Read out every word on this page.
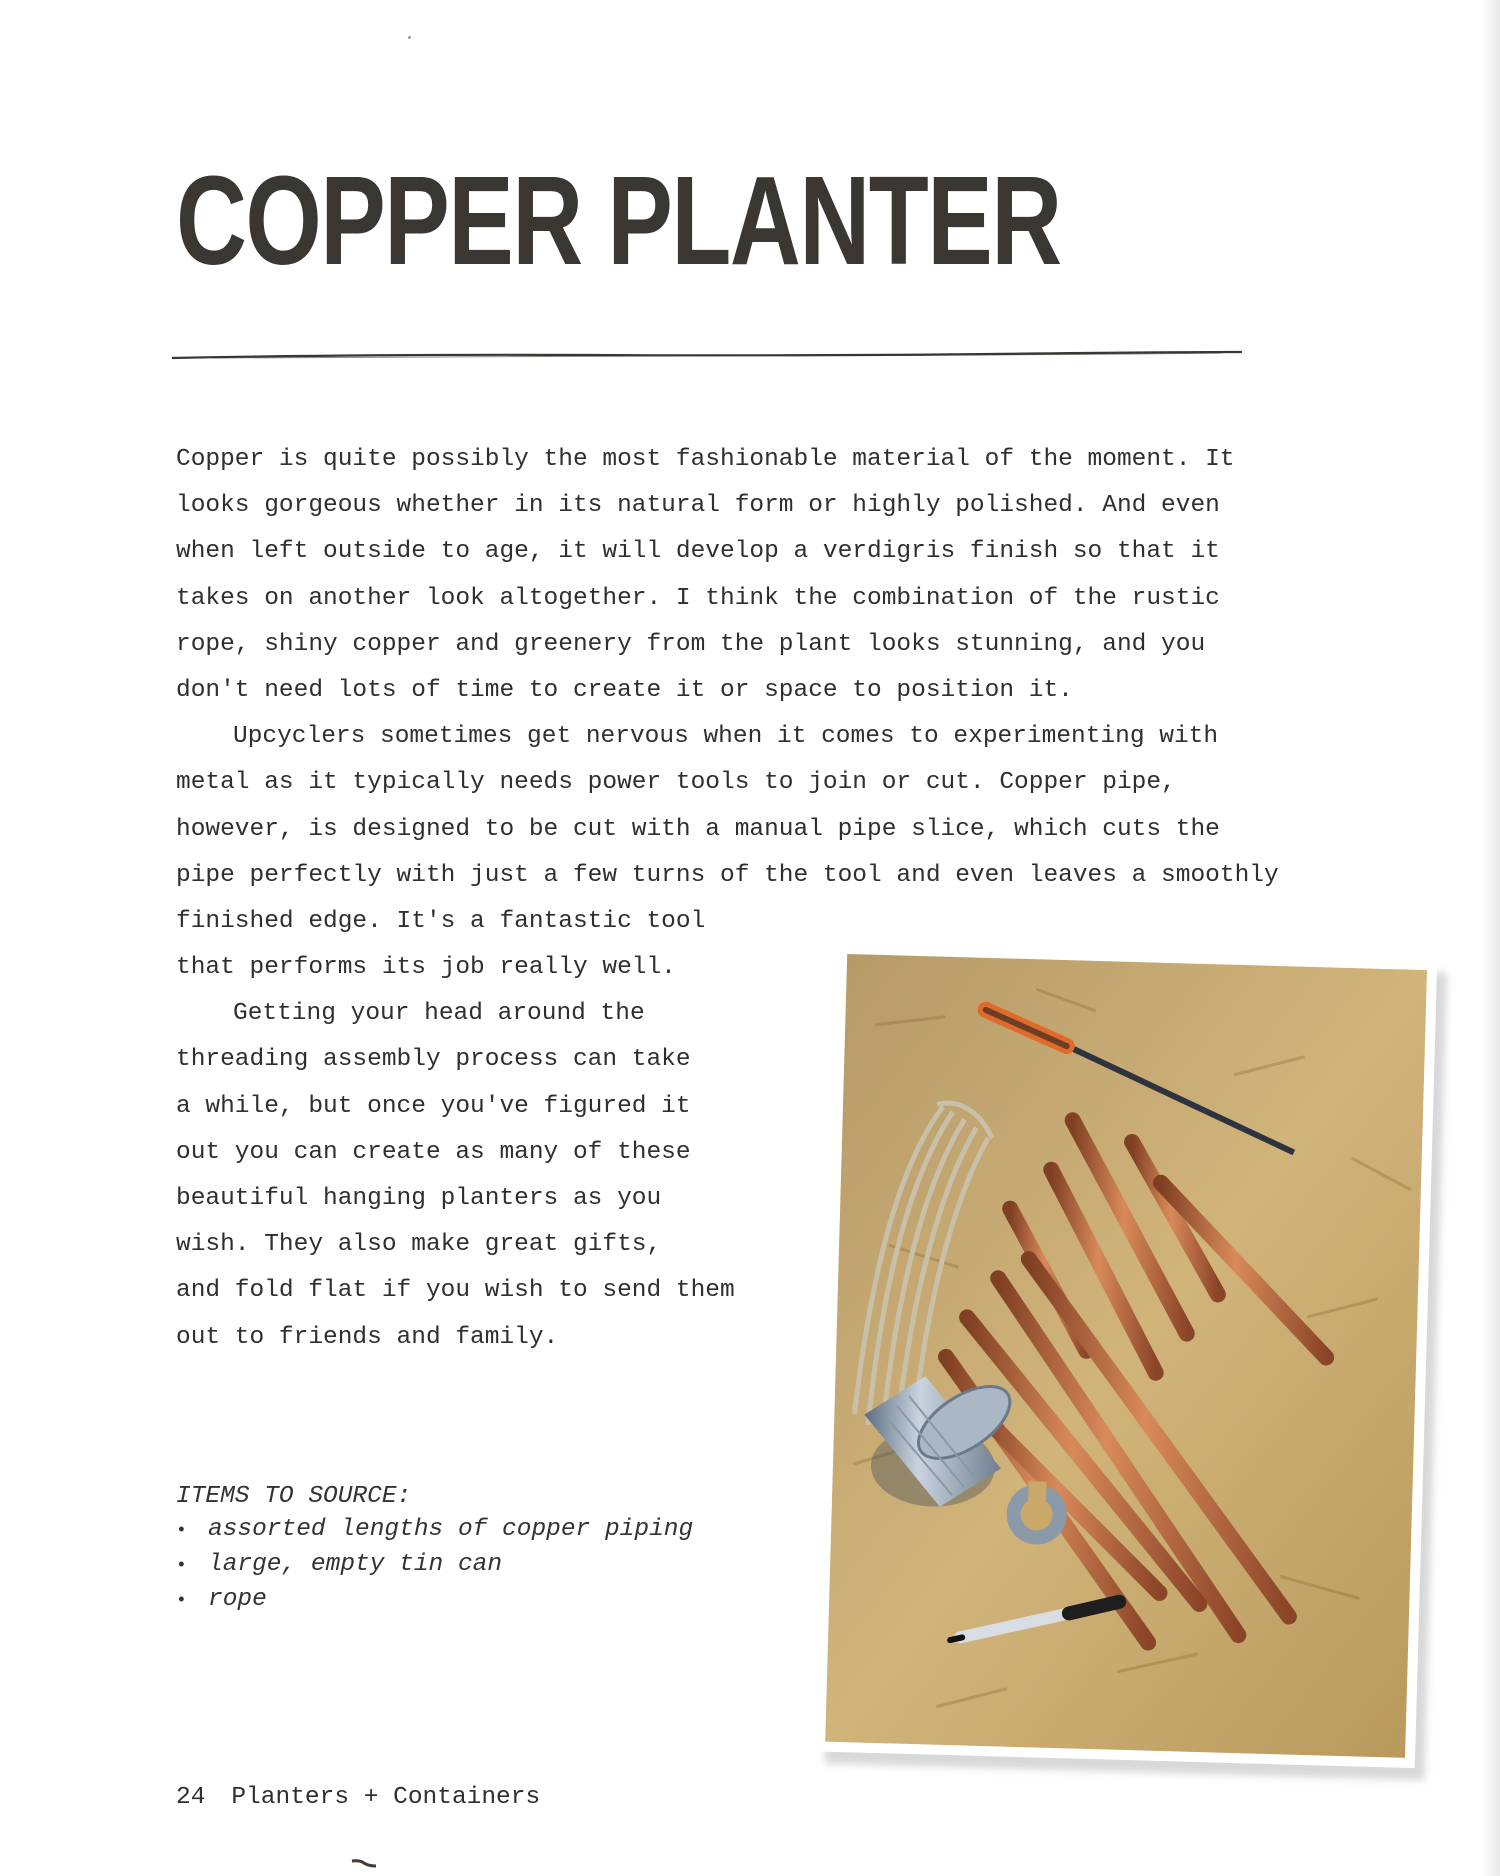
COPPER PLANTER
Copper is quite possibly the most fashionable material of the moment. It
looks gorgeous whether in its natural form or highly polished. And even
when left outside to age, it will develop a verdigris finish so that it
takes on another look altogether. I think the combination of the rustic
rope, shiny copper and greenery from the plant looks stunning, and you
don't need lots of time to create it or space to position it.
Upcyclers sometimes get nervous when it comes to experimenting with
metal as it typically needs power tools to join or cut. Copper pipe,
however, is designed to be cut with a manual pipe slice, which cuts the
pipe perfectly with just a few turns of the tool and even leaves a smoothly
finished edge. It's a fantastic tool
that performs its job really well.
Getting your head around the
threading assembly process can take
a while, but once you've figured it
out you can create as many of these
beautiful hanging planters as you
wish. They also make great gifts,
and fold flat if you wish to send them
out to friends and family.
ITEMS TO SOURCE:
• assorted lengths of copper piping
• large, empty tin can
• rope
24 Planters + Containers
